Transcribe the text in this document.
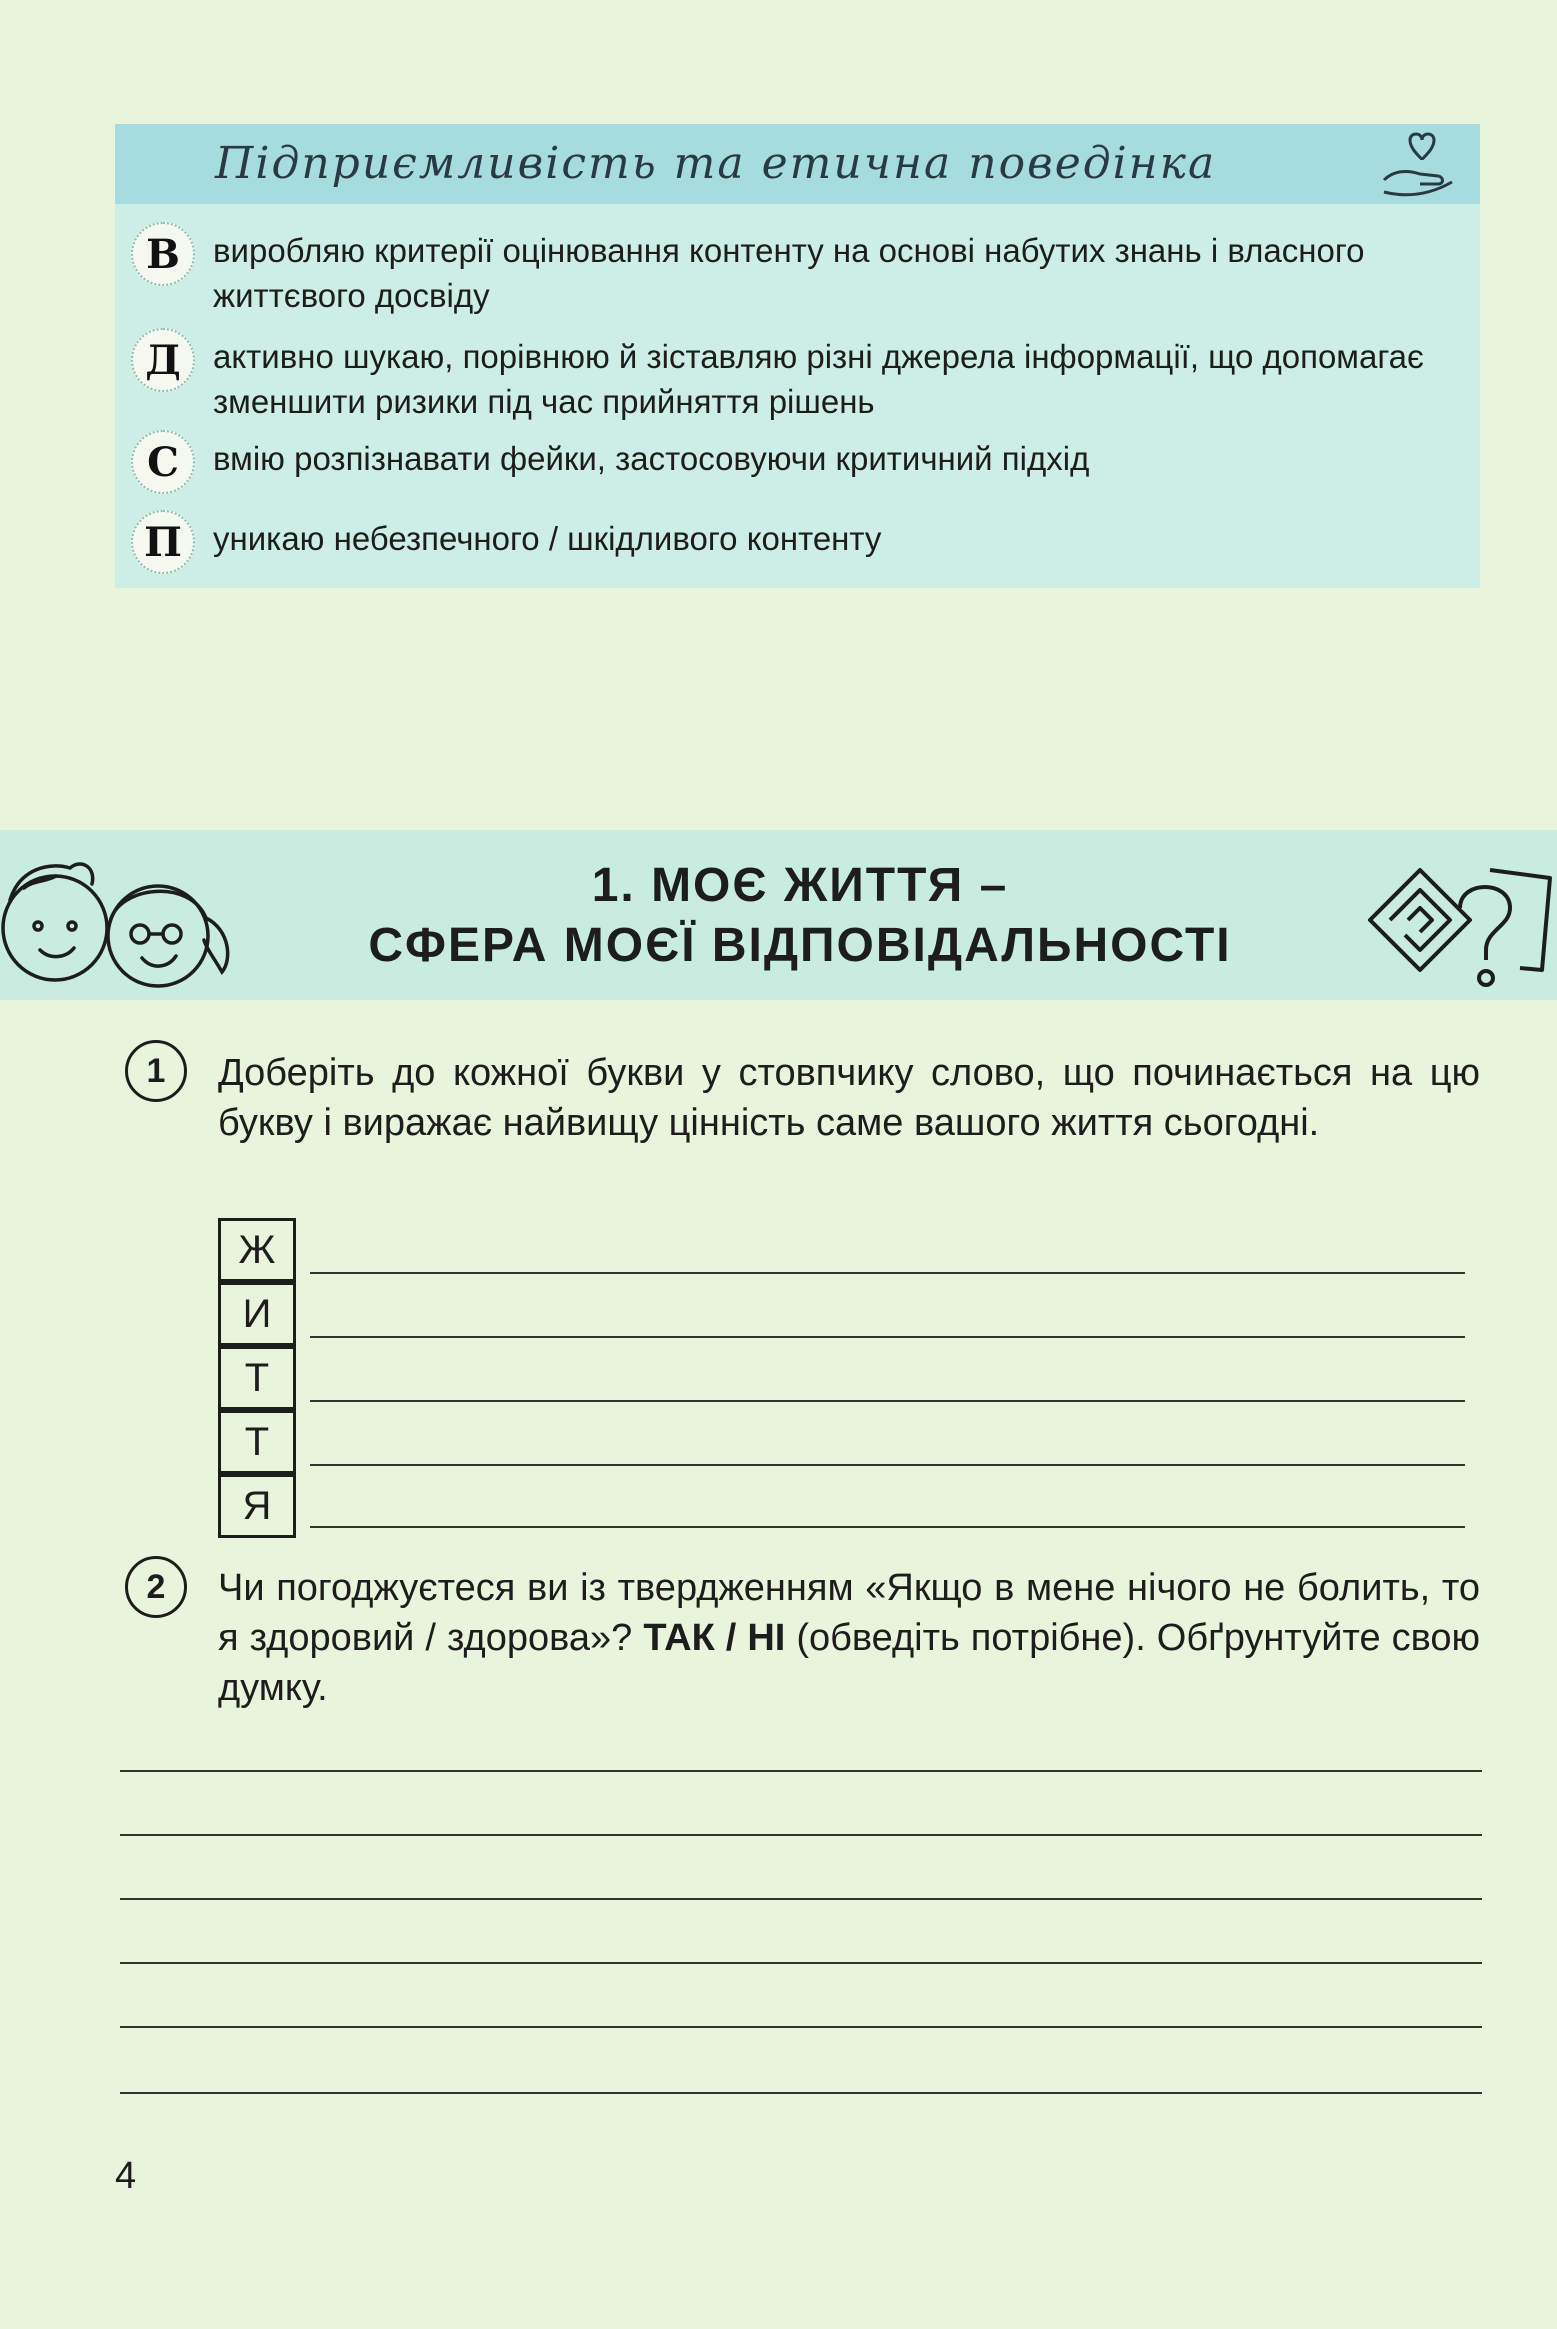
Підприємливість та етична поведінка
В	виробляю критерії оцінювання контенту на основі набутих знань і власного життєвого досвіду
Д активно шукаю, порівнюю й зіставляю різні джерела інформації, що допомагає зменшити ризики під час прийняття рішень
С	вмію розпізнавати фейки, застосовуючи критичний підхід
П уникаю небезпечного / шкідливого контенту
1. МОЄ ЖИТТЯ –
СФЕРА МОЄЇ ВІДПОВІДАЛЬНОСТІ
1	Доберіть до кожної букви у стовпчику слово, що починається на цю букву і виражає найвищу цінність саме вашого життя сьогодні.
Ж
И
Т
Т
Я
2	Чи погоджуєтеся ви із твердженням «Якщо в мене нічого не болить, то я здоровий / здорова»? ТАК / НІ (обведіть потрібне). Обґрунтуйте свою думку.
4
